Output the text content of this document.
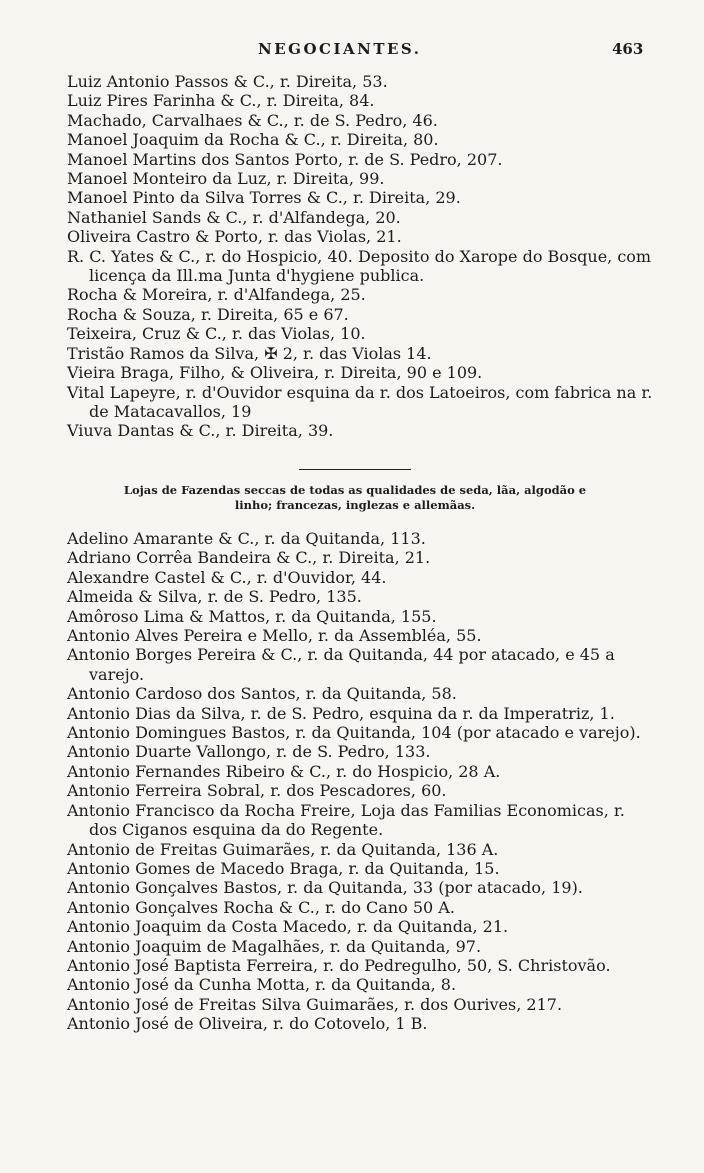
NEGOCIANTES.	463
Luiz Antonio Passos & C., r. Direita, 53.
Luiz Pires Farinha & C., r. Direita, 84.
Machado, Carvalhaes & C., r. de S. Pedro, 46.
Manoel Joaquim da Rocha & C., r. Direita, 80.
Manoel Martins dos Santos Porto, r. de S. Pedro, 207.
Manoel Monteiro da Luz, r. Direita, 99.
Manoel Pinto da Silva Torres & C., r. Direita, 29.
Nathaniel Sands & C., r. d'Alfandega, 20.
Oliveira Castro & Porto, r. das Violas, 21.
R. C. Yates & C., r. do Hospicio, 40. Deposito do Xarope do Bosque, com licença da Ill.ma Junta d'hygiene publica.
Rocha & Moreira, r. d'Alfandega, 25.
Rocha & Souza, r. Direita, 65 e 67.
Teixeira, Cruz & C., r. das Violas, 10.
Tristão Ramos da Silva, ✠ 2, r. das Violas 14.
Vieira Braga, Filho, & Oliveira, r. Direita, 90 e 109.
Vital Lapeyre, r. d'Ouvidor esquina da r. dos Latoeiros, com fabrica na r. de Matacavallos, 19
Viuva Dantas & C., r. Direita, 39.
Lojas de Fazendas seccas de todas as qualidades de seda, lãa, algodão e
linho; francezas, inglezas e allemãas.
Adelino Amarante & C., r. da Quitanda, 113.
Adriano Corrêa Bandeira & C., r. Direita, 21.
Alexandre Castel & C., r. d'Ouvidor, 44.
Almeida & Silva, r. de S. Pedro, 135.
Amôroso Lima & Mattos, r. da Quitanda, 155.
Antonio Alves Pereira e Mello, r. da Assembléa, 55.
Antonio Borges Pereira & C., r. da Quitanda, 44 por atacado, e 45 a varejo.
Antonio Cardoso dos Santos, r. da Quitanda, 58.
Antonio Dias da Silva, r. de S. Pedro, esquina da r. da Imperatriz, 1.
Antonio Domingues Bastos, r. da Quitanda, 104 (por atacado e varejo).
Antonio Duarte Vallongo, r. de S. Pedro, 133.
Antonio Fernandes Ribeiro & C., r. do Hospicio, 28 A.
Antonio Ferreira Sobral, r. dos Pescadores, 60.
Antonio Francisco da Rocha Freire, Loja das Familias Economicas, r. dos Ciganos esquina da do Regente.
Antonio de Freitas Guimarães, r. da Quitanda, 136 A.
Antonio Gomes de Macedo Braga, r. da Quitanda, 15.
Antonio Gonçalves Bastos, r. da Quitanda, 33 (por atacado, 19).
Antonio Gonçalves Rocha & C., r. do Cano 50 A.
Antonio Joaquim da Costa Macedo, r. da Quitanda, 21.
Antonio Joaquim de Magalhães, r. da Quitanda, 97.
Antonio José Baptista Ferreira, r. do Pedregulho, 50, S. Christovão.
Antonio José da Cunha Motta, r. da Quitanda, 8.
Antonio José de Freitas Silva Guimarães, r. dos Ourives, 217.
Antonio José de Oliveira, r. do Cotovelo, 1 B.
